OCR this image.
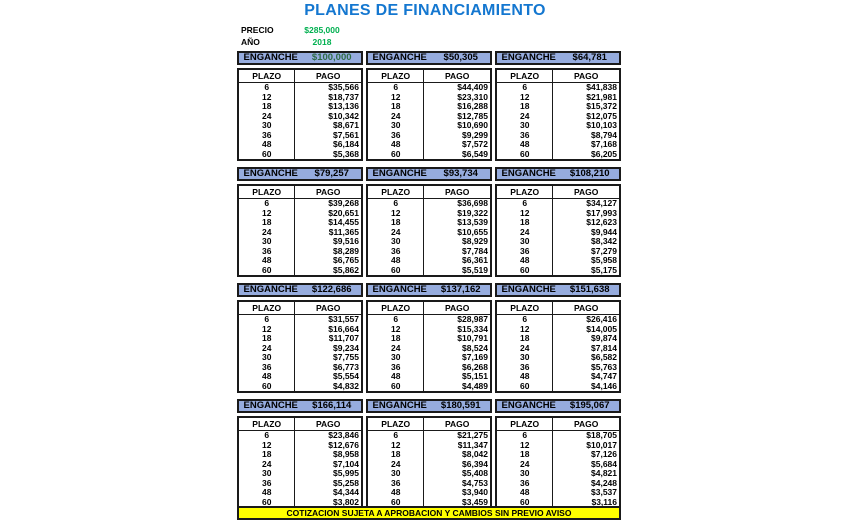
PLANES DE FINANCIAMIENTO
PRECIO	$285,000
AÑO	2018
ENGANCHE	$100,000
PLAZO	PAGO
6	$35,566
12	$18,737
18	$13,136
24	$10,342
30	$8,671
36	$7,561
48	$6,184
60	$5,368
ENGANCHE	$50,305
PLAZO	PAGO
6	$44,409
12	$23,310
18	$16,288
24	$12,785
30	$10,690
36	$9,299
48	$7,572
60	$6,549
ENGANCHE	$64,781
PLAZO	PAGO
6	$41,838
12	$21,981
18	$15,372
24	$12,075
30	$10,103
36	$8,794
48	$7,168
60	$6,205
ENGANCHE	$79,257
PLAZO	PAGO
6	$39,268
12	$20,651
18	$14,455
24	$11,365
30	$9,516
36	$8,289
48	$6,765
60	$5,862
ENGANCHE	$93,734
PLAZO	PAGO
6	$36,698
12	$19,322
18	$13,539
24	$10,655
30	$8,929
36	$7,784
48	$6,361
60	$5,519
ENGANCHE	$108,210
PLAZO	PAGO
6	$34,127
12	$17,993
18	$12,623
24	$9,944
30	$8,342
36	$7,279
48	$5,958
60	$5,175
ENGANCHE	$122,686
PLAZO	PAGO
6	$31,557
12	$16,664
18	$11,707
24	$9,234
30	$7,755
36	$6,773
48	$5,554
60	$4,832
ENGANCHE	$137,162
PLAZO	PAGO
6	$28,987
12	$15,334
18	$10,791
24	$8,524
30	$7,169
36	$6,268
48	$5,151
60	$4,489
ENGANCHE	$151,638
PLAZO	PAGO
6	$26,416
12	$14,005
18	$9,874
24	$7,814
30	$6,582
36	$5,763
48	$4,747
60	$4,146
ENGANCHE	$166,114
PLAZO	PAGO
6	$23,846
12	$12,676
18	$8,958
24	$7,104
30	$5,995
36	$5,258
48	$4,344
60	$3,802
ENGANCHE	$180,591
PLAZO	PAGO
6	$21,275
12	$11,347
18	$8,042
24	$6,394
30	$5,408
36	$4,753
48	$3,940
60	$3,459
ENGANCHE	$195,067
PLAZO	PAGO
6	$18,705
12	$10,017
18	$7,126
24	$5,684
30	$4,821
36	$4,248
48	$3,537
60	$3,116
COTIZACION SUJETA A APROBACION Y CAMBIOS SIN PREVIO AVISO
